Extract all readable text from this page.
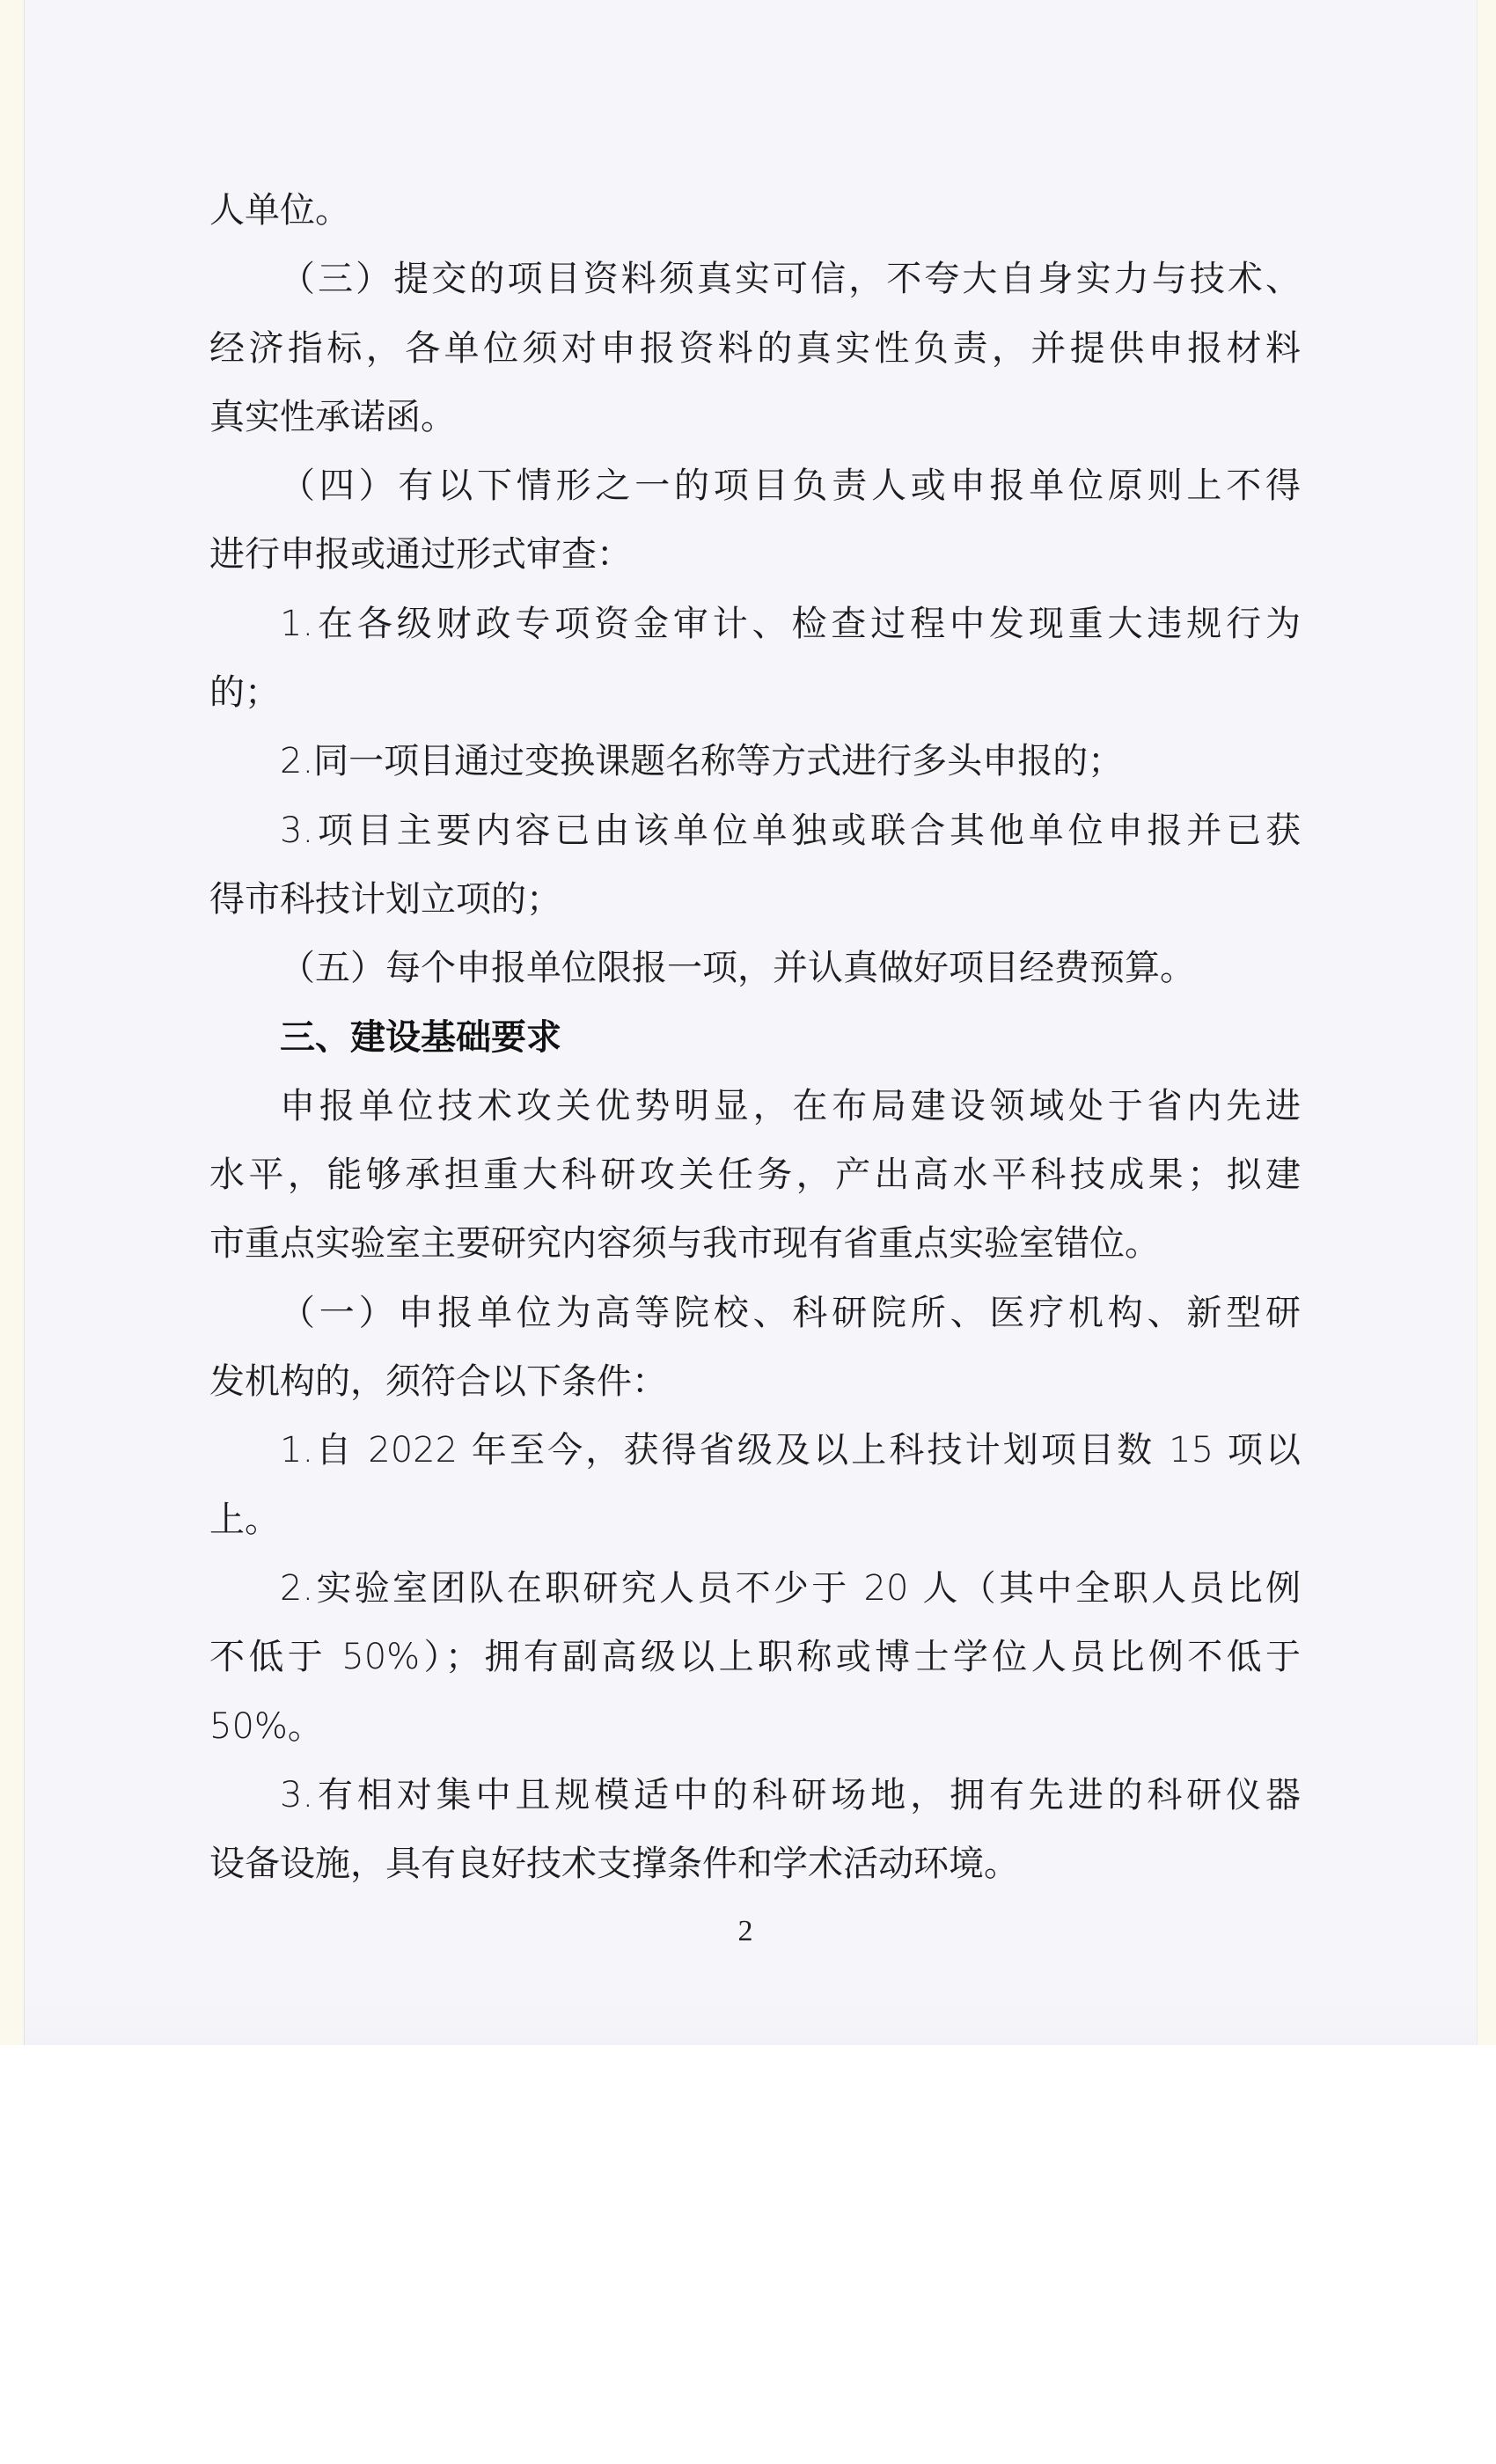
人单位。
（三）提交的项目资料须真实可信，不夸大自身实力与技术、
经济指标，各单位须对申报资料的真实性负责，并提供申报材料
真实性承诺函。
（四）有以下情形之一的项目负责人或申报单位原则上不得
进行申报或通过形式审查：
1.在各级财政专项资金审计、检查过程中发现重大违规行为
的；
2.同一项目通过变换课题名称等方式进行多头申报的；
3.项目主要内容已由该单位单独或联合其他单位申报并已获
得市科技计划立项的；
（五）每个申报单位限报一项，并认真做好项目经费预算。
三、建设基础要求
申报单位技术攻关优势明显，在布局建设领域处于省内先进
水平，能够承担重大科研攻关任务，产出高水平科技成果；拟建
市重点实验室主要研究内容须与我市现有省重点实验室错位。
（一）申报单位为高等院校、科研院所、医疗机构、新型研
发机构的，须符合以下条件：
1.自 2022 年至今，获得省级及以上科技计划项目数 15 项以
上。
2.实验室团队在职研究人员不少于 20 人（其中全职人员比例
不低于 50%）；拥有副高级以上职称或博士学位人员比例不低于
50%。
3.有相对集中且规模适中的科研场地，拥有先进的科研仪器
设备设施，具有良好技术支撑条件和学术活动环境。
2
